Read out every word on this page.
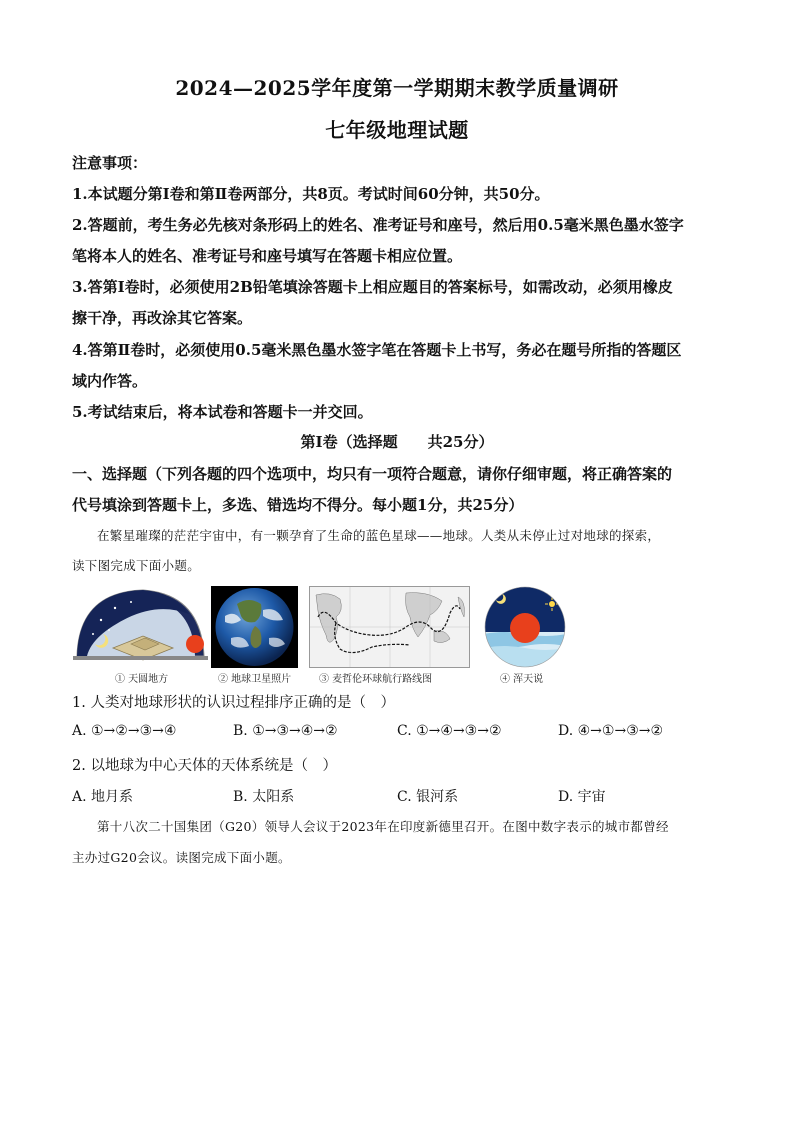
2024—2025学年度第一学期期末教学质量调研
七年级地理试题
注意事项：
1.本试题分第Ⅰ卷和第Ⅱ卷两部分，共8页。考试时间60分钟，共50分。
2.答题前，考生务必先核对条形码上的姓名、准考证号和座号，然后用0.5毫米黑色墨水签字
笔将本人的姓名、准考证号和座号填写在答题卡相应位置。
3.答第Ⅰ卷时，必须使用2B铅笔填涂答题卡上相应题目的答案标号，如需改动，必须用橡皮
擦干净，再改涂其它答案。
4.答第Ⅱ卷时，必须使用0.5毫米黑色墨水签字笔在答题卡上书写，务必在题号所指的答题区
域内作答。
5.考试结束后，将本试卷和答题卡一并交回。
第Ⅰ卷（选择题　　共25分）
一、选择题（下列各题的四个选项中，均只有一项符合题意，请你仔细审题，将正确答案的
代号填涂到答题卡上，多选、错选均不得分。每小题1分，共25分）
在繁星璀璨的茫茫宇宙中，有一颗孕育了生命的蓝色星球——地球。人类从未停止过对地球的探索，
读下图完成下面小题。
① 天圆地方	② 地球卫星照片	③ 麦哲伦环球航行路线图	④ 浑天说
1. 人类对地球形状的认识过程排序正确的是（　）
A. ①→②→③→④	B. ①→③→④→②	C. ①→④→③→②	D. ④→①→③→②
2. 以地球为中心天体的天体系统是（　）
A. 地月系	B. 太阳系	C. 银河系	D. 宇宙
第十八次二十国集团（G20）领导人会议于2023年在印度新德里召开。在图中数字表示的城市都曾经
主办过G20会议。读图完成下面小题。
